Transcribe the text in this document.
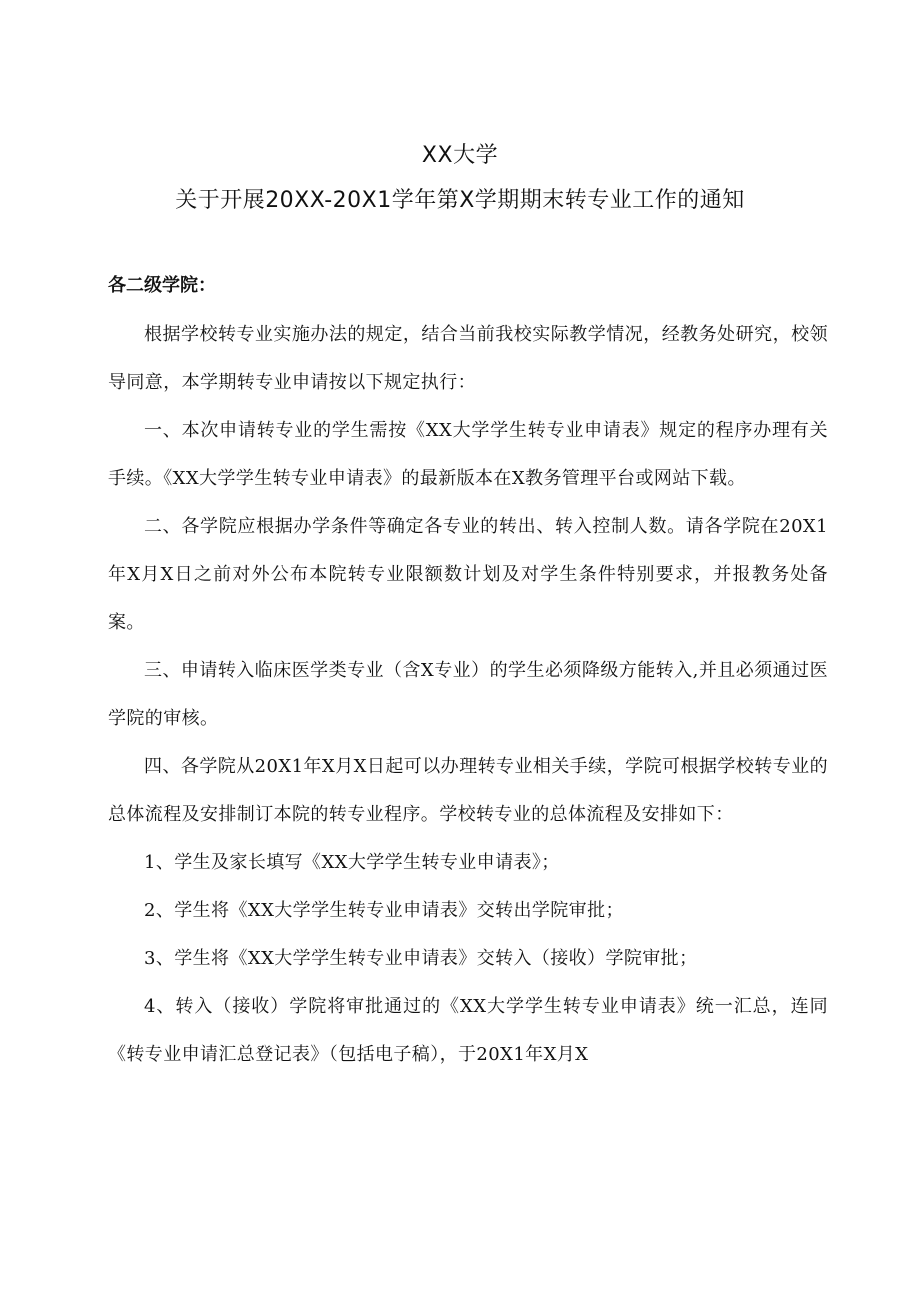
XX大学
关于开展20XX-20X1学年第X学期期末转专业工作的通知
各二级学院：

根据学校转专业实施办法的规定，结合当前我校实际教学情况，经教务处研究，校领导同意，本学期转专业申请按以下规定执行：

一、本次申请转专业的学生需按《XX大学学生转专业申请表》规定的程序办理有关手续。《XX大学学生转专业申请表》的最新版本在X教务管理平台或网站下载。

二、各学院应根据办学条件等确定各专业的转出、转入控制人数。请各学院在20X1年X月X日之前对外公布本院转专业限额数计划及对学生条件特别要求，并报教务处备案。

三、申请转入临床医学类专业（含X专业）的学生必须降级方能转入,并且必须通过医学院的审核。

四、各学院从20X1年X月X日起可以办理转专业相关手续，学院可根据学校转专业的总体流程及安排制订本院的转专业程序。学校转专业的总体流程及安排如下：

1、学生及家长填写《XX大学学生转专业申请表》；

2、学生将《XX大学学生转专业申请表》交转出学院审批；

3、学生将《XX大学学生转专业申请表》交转入（接收）学院审批；

4、转入（接收）学院将审批通过的《XX大学学生转专业申请表》统一汇总，连同《转专业申请汇总登记表》（包括电子稿），于20X1年X月X
